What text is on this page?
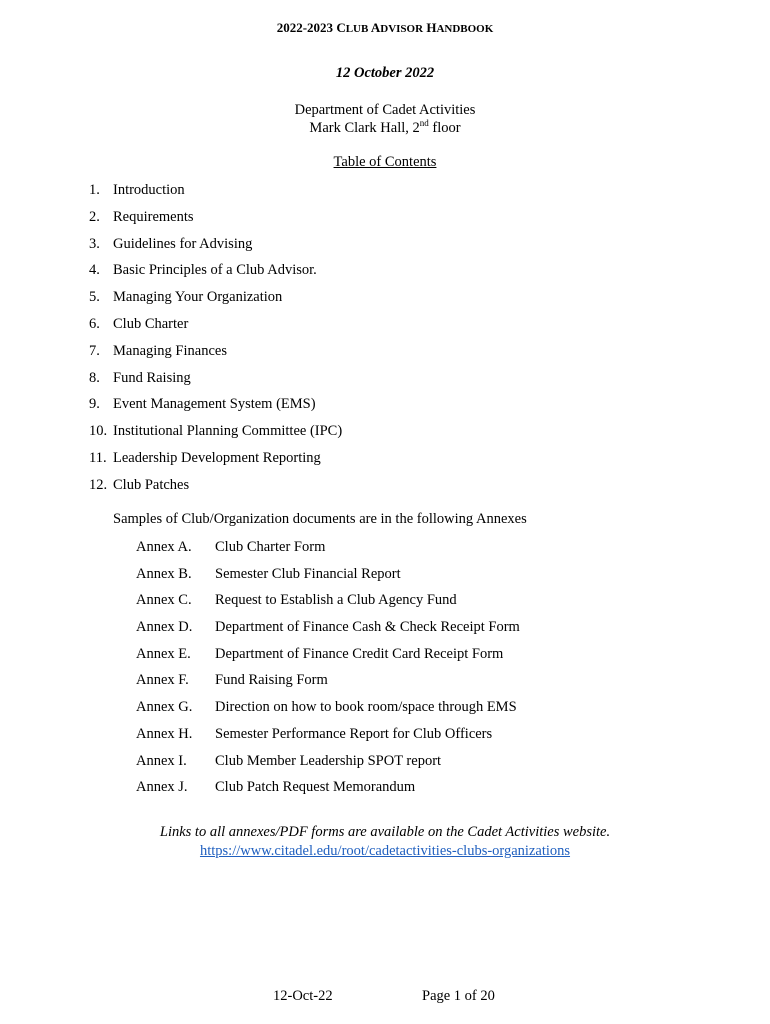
2022-2023 CLUB ADVISOR HANDBOOK
12 October 2022
Department of Cadet Activities
Mark Clark Hall, 2nd floor
Table of Contents
1. Introduction
2. Requirements
3. Guidelines for Advising
4. Basic Principles of a Club Advisor.
5. Managing Your Organization
6. Club Charter
7. Managing Finances
8. Fund Raising
9. Event Management System (EMS)
10. Institutional Planning Committee (IPC)
11. Leadership Development Reporting
12. Club Patches
Samples of Club/Organization documents are in the following Annexes
Annex A. Club Charter Form
Annex B. Semester Club Financial Report
Annex C. Request to Establish a Club Agency Fund
Annex D. Department of Finance Cash & Check Receipt Form
Annex E. Department of Finance Credit Card Receipt Form
Annex F. Fund Raising Form
Annex G. Direction on how to book room/space through EMS
Annex H. Semester Performance Report for Club Officers
Annex I. Club Member Leadership SPOT report
Annex J. Club Patch Request Memorandum
Links to all annexes/PDF forms are available on the Cadet Activities website.
https://www.citadel.edu/root/cadetactivities-clubs-organizations
12-Oct-22	Page 1 of 20
